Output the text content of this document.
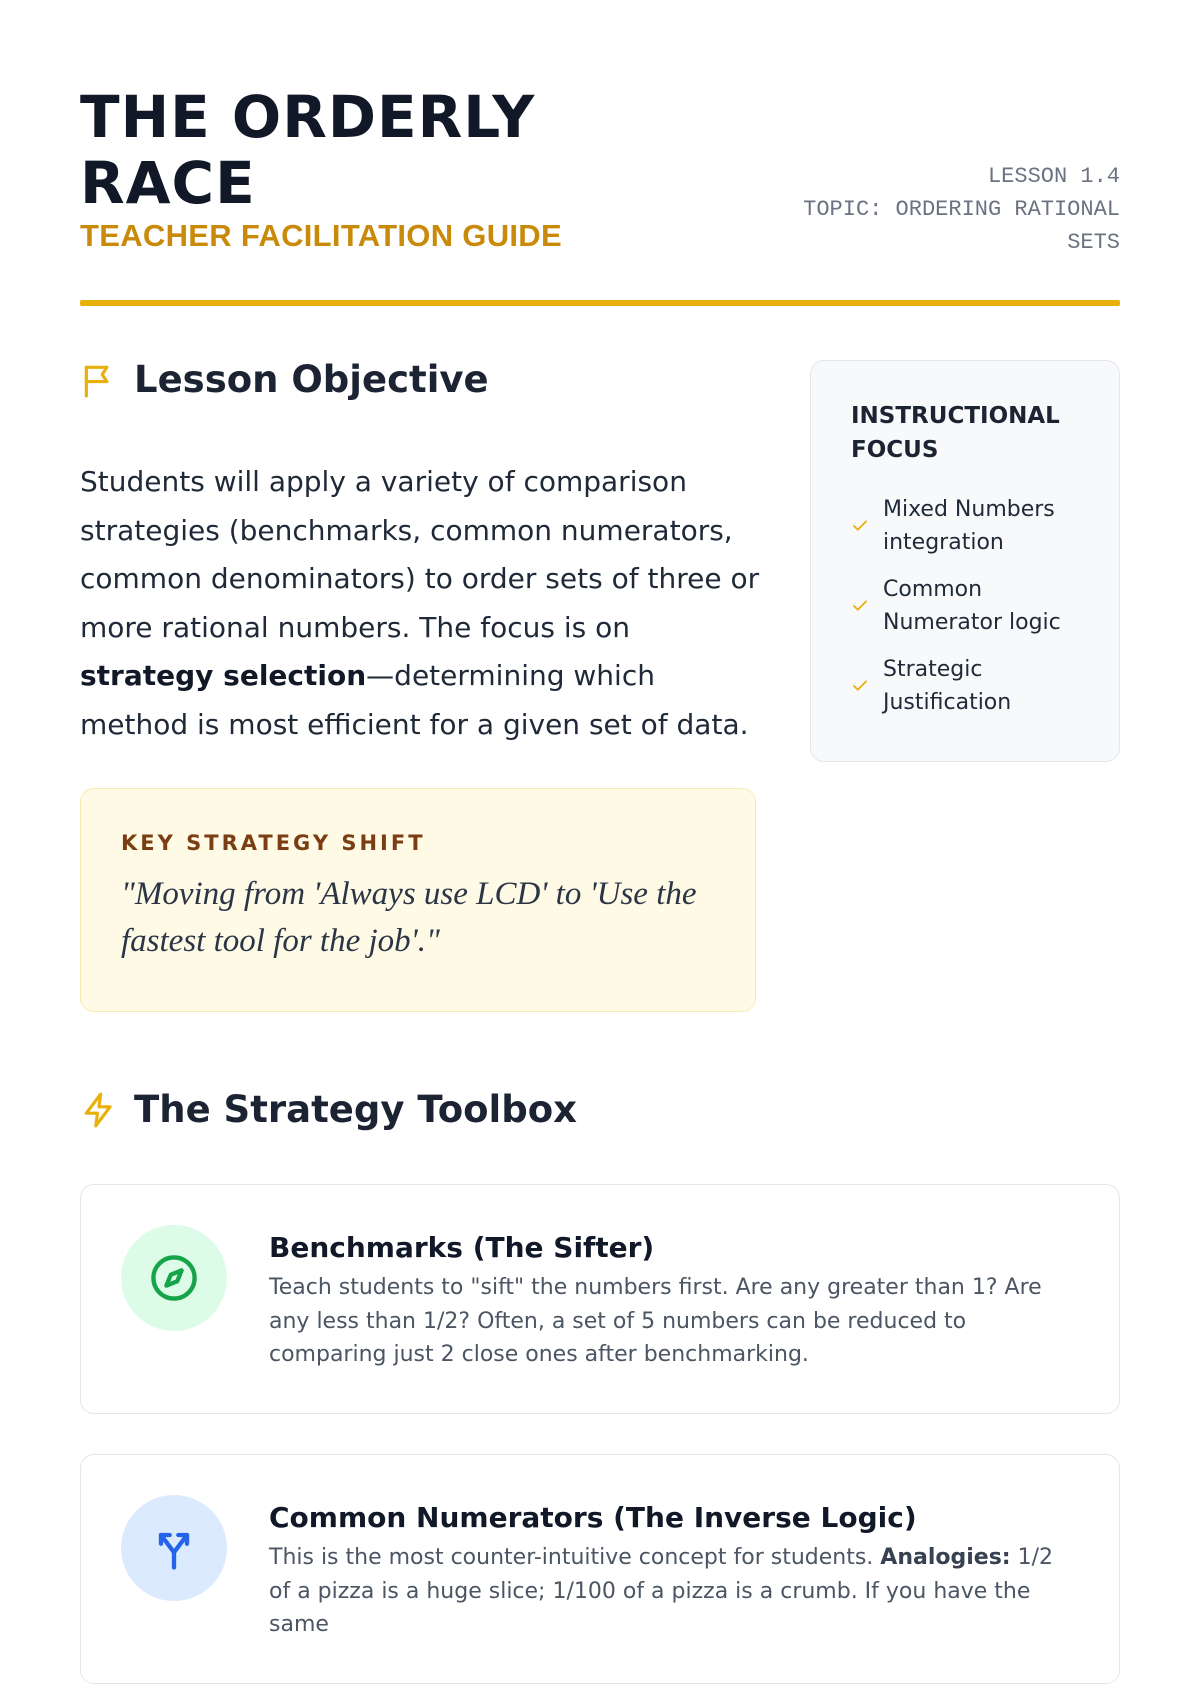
THE ORDERLY RACE
TEACHER FACILITATION GUIDE
LESSON 1.4
TOPIC: ORDERING RATIONAL
SETS
Lesson Objective

Students will apply a variety of comparison strategies (benchmarks, common numerators, common denominators) to order sets of three or more rational numbers. The focus is on strategy selection—determining which method is most efficient for a given set of data.

INSTRUCTIONAL FOCUS
Mixed Numbers integration
Common Numerator logic
Strategic Justification
KEY STRATEGY SHIFT
"Moving from 'Always use LCD' to 'Use the fastest tool for the job'."
The Strategy Toolbox
Benchmarks (The Sifter)

Teach students to "sift" the numbers first. Are any greater than 1? Are any less than 1/2? Often, a set of 5 numbers can be reduced to comparing just 2 close ones after benchmarking.

Common Numerators (The Inverse Logic)

This is the most counter-intuitive concept for students. Analogies: 1/2 of a pizza is a huge slice; 1/100 of a pizza is a crumb. If you have the same
